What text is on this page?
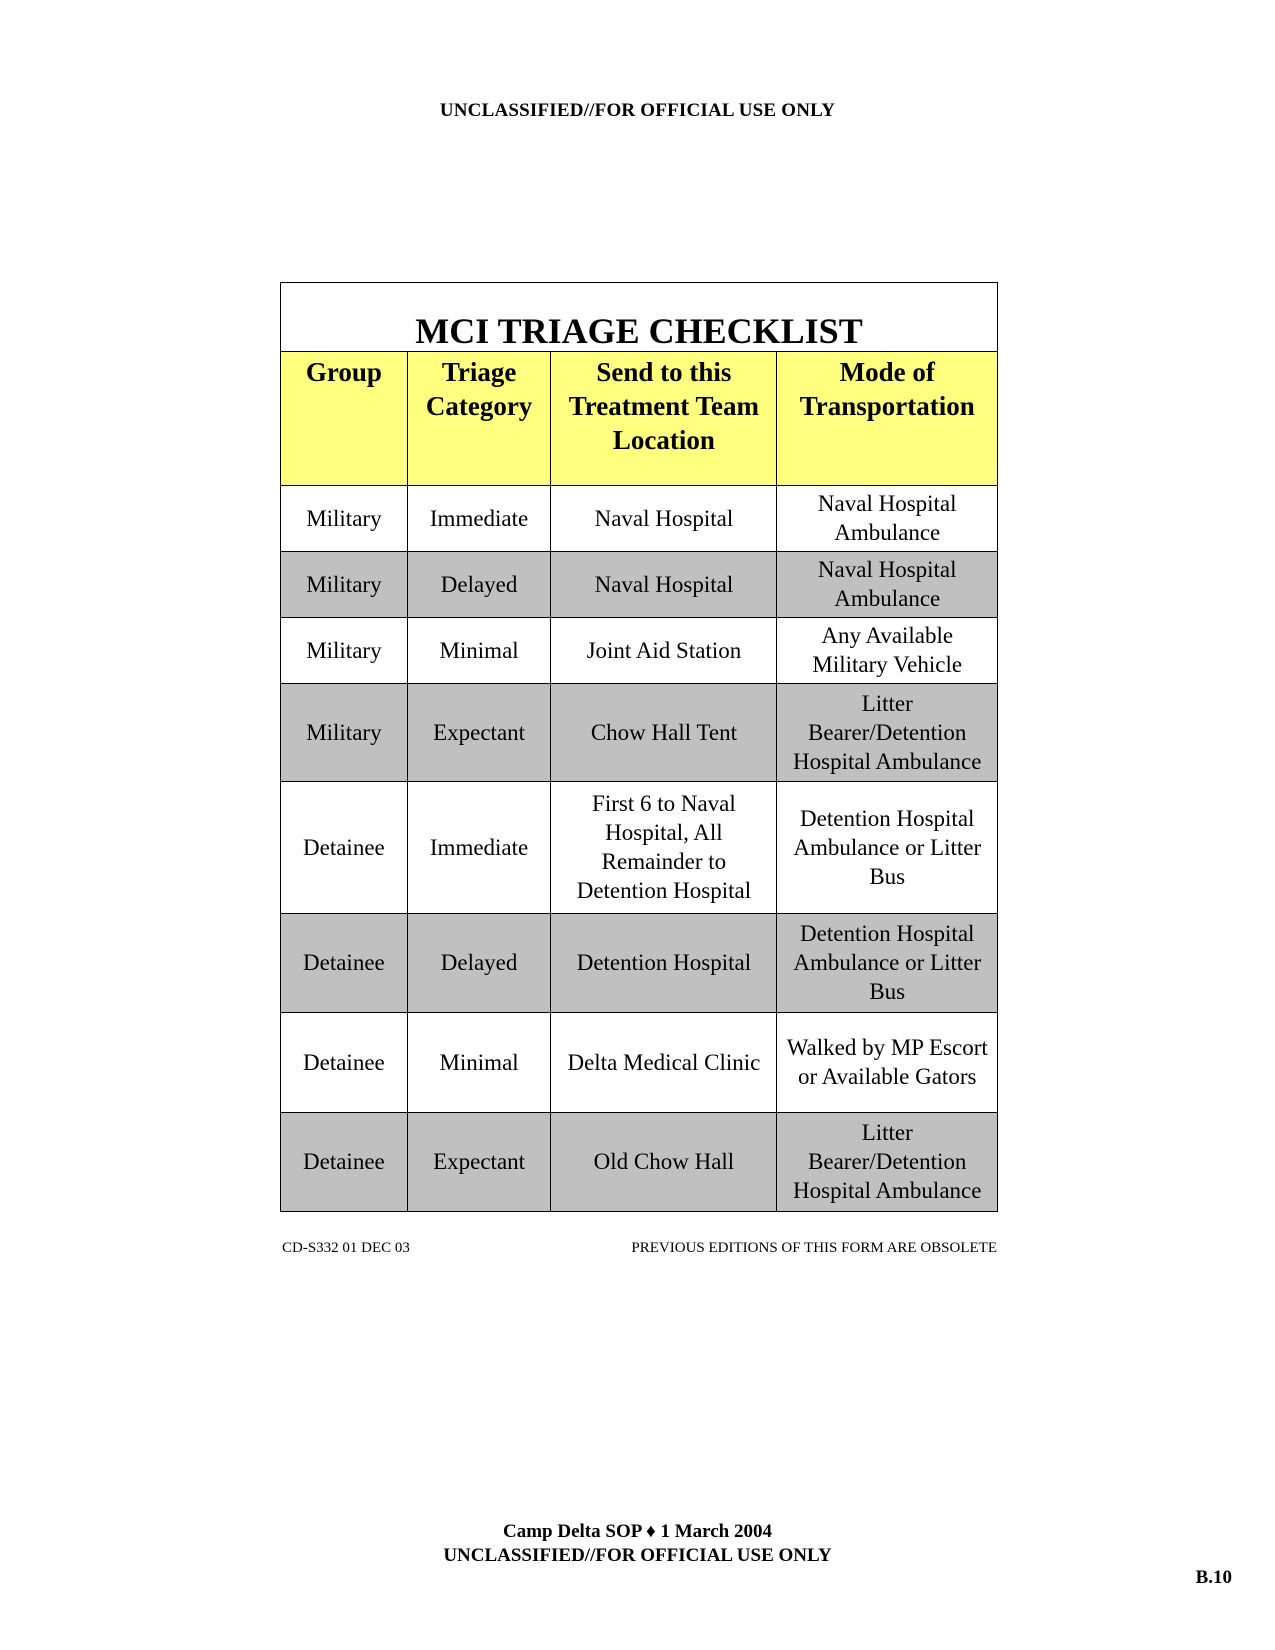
UNCLASSIFIED//FOR OFFICIAL USE ONLY
MCI TRIAGE CHECKLIST
Group	Triage Category	Send to this Treatment Team Location	Mode of Transportation
Military	Immediate	Naval Hospital	Naval Hospital Ambulance
Military	Delayed	Naval Hospital	Naval Hospital Ambulance
Military	Minimal	Joint Aid Station	Any Available Military Vehicle
Military	Expectant	Chow Hall Tent	Litter Bearer/Detention Hospital Ambulance
Detainee	Immediate	First 6 to Naval Hospital, All Remainder to Detention Hospital	Detention Hospital Ambulance or Litter Bus
Detainee	Delayed	Detention Hospital	Detention Hospital Ambulance or Litter Bus
Detainee	Minimal	Delta Medical Clinic	Walked by MP Escort or Available Gators
Detainee	Expectant	Old Chow Hall	Litter Bearer/Detention Hospital Ambulance
CD-S332 01 DEC 03	PREVIOUS EDITIONS OF THIS FORM ARE OBSOLETE
Camp Delta SOP ♦ 1 March 2004
UNCLASSIFIED//FOR OFFICIAL USE ONLY
B.10
